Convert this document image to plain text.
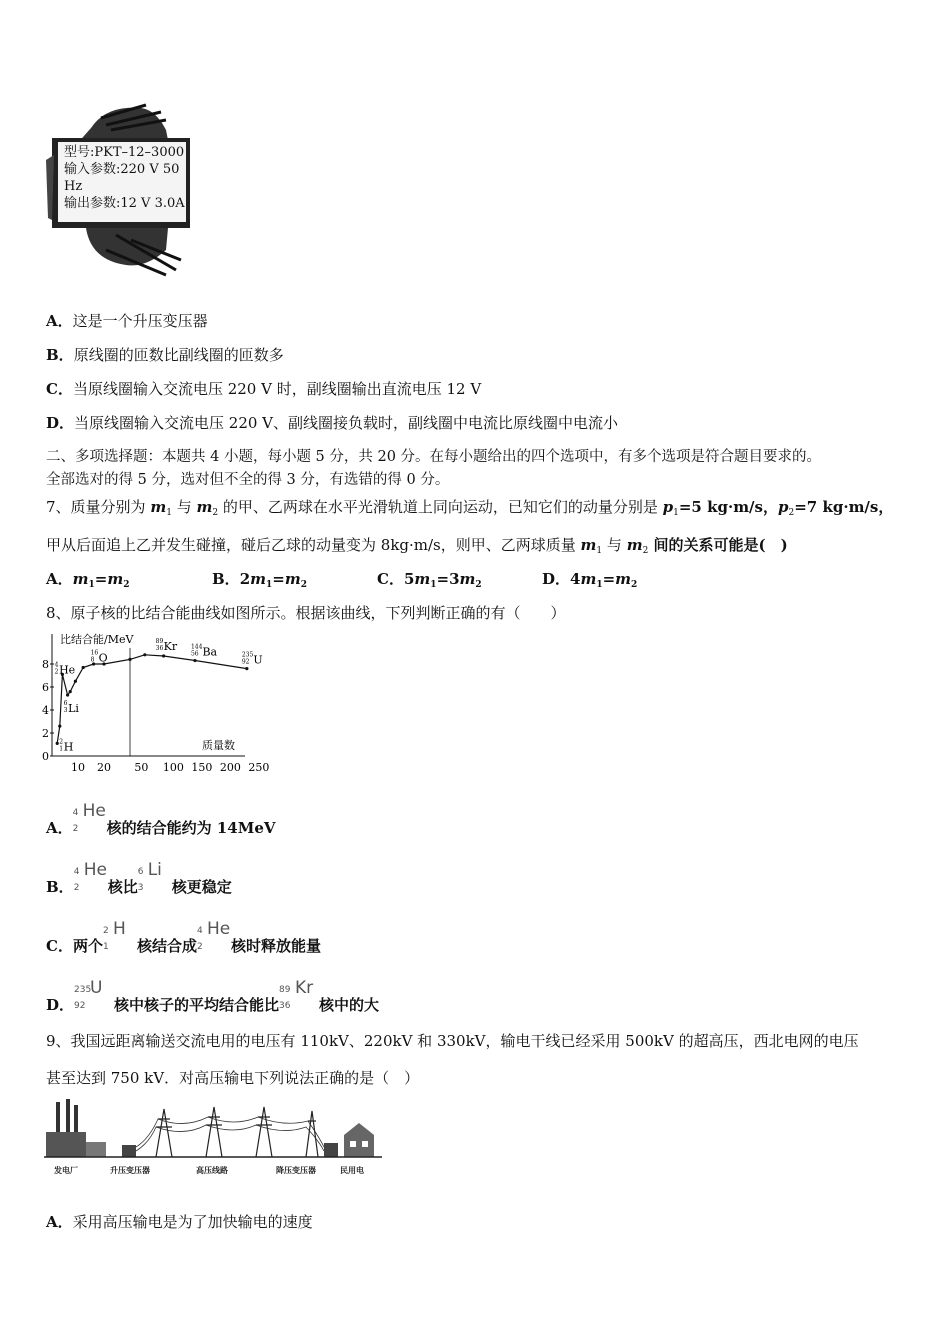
型号:PKT–12–3000
输入参数:220 V 50 Hz
输出参数:12 V 3.0A
A．这是一个升压变压器
B．原线圈的匝数比副线圈的匝数多
C．当原线圈输入交流电压 220 V 时，副线圈输出直流电压 12 V
D．当原线圈输入交流电压 220 V、副线圈接负载时，副线圈中电流比原线圈中电流小
二、多项选择题：本题共 4 小题，每小题 5 分，共 20 分。在每小题给出的四个选项中，有多个选项是符合题目要求的。
全部选对的得 5 分，选对但不全的得 3 分，有选错的得 0 分。
7、质量分别为 $m_1$ 与 $m_2$ 的甲、乙两球在水平光滑轨道上同向运动，已知它们的动量分别是 $p_1=5$ kg·m/s，$p_2=7$ kg·m/s，
甲从后面追上乙并发生碰撞，碰后乙球的动量变为 8kg·m/s，则甲、乙两球质量 $m_1$ 与 $m_2$ 间的关系可能是(　)
A．$m_1=m_2$	B．$2m_1=m_2$	C．$5m_1=3m_2$	D．$4m_1=m_2$
8、原子核的比结合能曲线如图所示。根据该曲线，下列判断正确的有（　　）
比结合能/MeV
质量数
0
2
4
6
8
10 20 50 100 150 200 250
2
1 H
4
2 He
6
3 Li
16
8 O
89
36 Kr 144
56 Ba	235
92 U
A．
4
2
He
核的结合能约为 14MeV
B．
4
2
He
核比
6
3
Li
核更稳定
C．两个
2
1
H
核结合成
4
2
He
核时释放能量
D．
235
92
U
核中核子的平均结合能比
89
36
Kr
核中的大
9、我国远距离输送交流电用的电压有 110kV、220kV 和 330kV，输电干线已经采用 500kV 的超高压，西北电网的电压
甚至达到 750 kV．对高压输电下列说法正确的是（　）
发电厂	升压变压器	高压线路	降压变压器	民用电
A．采用高压输电是为了加快输电的速度
